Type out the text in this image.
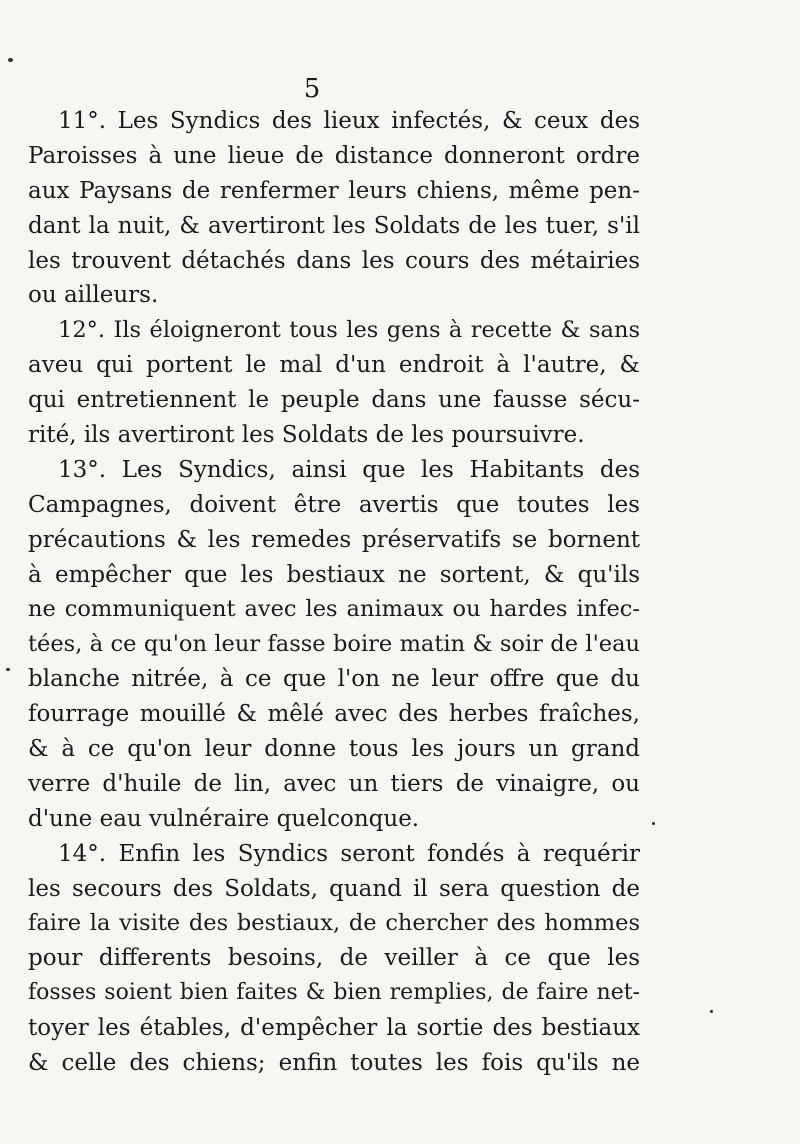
5
11°. Les Syndics des lieux infectés, & ceux des
Paroisses à une lieue de distance donneront ordre
aux Paysans de renfermer leurs chiens, même pen-
dant la nuit, & avertiront les Soldats de les tuer, s'il
les trouvent détachés dans les cours des métairies
ou ailleurs.
12°. Ils éloigneront tous les gens à recette & sans
aveu qui portent le mal d'un endroit à l'autre, &
qui entretiennent le peuple dans une fausse sécu-
rité, ils avertiront les Soldats de les poursuivre.
13°. Les Syndics, ainsi que les Habitants des
Campagnes, doivent être avertis que toutes les
précautions & les remedes préservatifs se bornent
à empêcher que les bestiaux ne sortent, & qu'ils
ne communiquent avec les animaux ou hardes infec-
tées, à ce qu'on leur fasse boire matin & soir de l'eau
blanche nitrée, à ce que l'on ne leur offre que du
fourrage mouillé & mêlé avec des herbes fraîches,
& à ce qu'on leur donne tous les jours un grand
verre d'huile de lin, avec un tiers de vinaigre, ou
d'une eau vulnéraire quelconque.
14°. Enfin les Syndics seront fondés à requérir
les secours des Soldats, quand il sera question de
faire la visite des bestiaux, de chercher des hommes
pour differents besoins, de veiller à ce que les
fosses soient bien faites & bien remplies, de faire net-
toyer les étables, d'empêcher la sortie des bestiaux
& celle des chiens; enfin toutes les fois qu'ils ne
